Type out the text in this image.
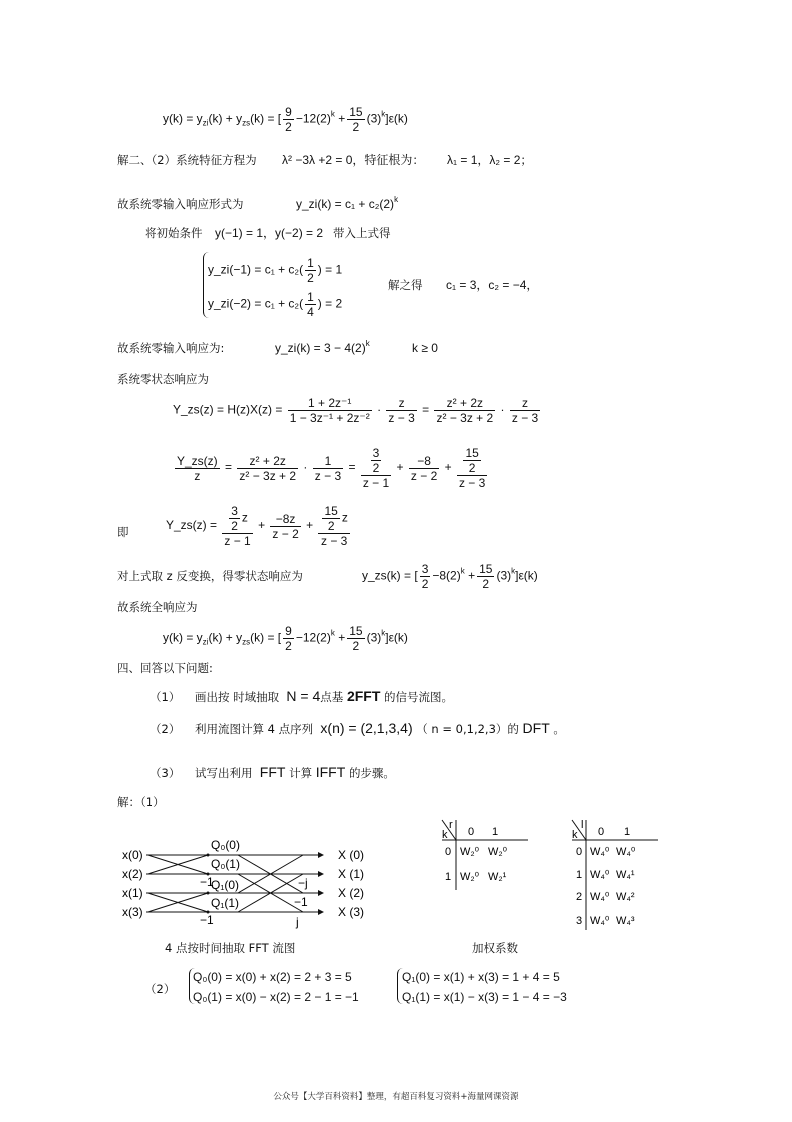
$y(k) = y_{zi}(k) + y_{zs}(k)$ = [ $\frac{9}{2} -12(2)^k + \frac{15}{2} (3)^k]\varepsilon(k)$
解二、（2）系统特征方程为 λ² −3λ +2 = 0，特征根为： λ₁ = 1，λ₂ = 2；
故系统零输入响应形式为	y_zi(k) = $c_1 + c_2(2)^k$
将初始条件 y(−1) = 1，y(−2) = 2 带入上式得
y_zi(−1) = $c_1 + c_2( \frac{1}{2}$ ) = 1
y_zi(−2) = $c_1 + c_2( \frac{1}{4}$ ) = 2
解之得 c₁ = 3，c₂ = −4，
故系统零输入响应为:	y_zi(k) = $3 - 4(2)^k$	k ≥ 0
系统零状态响应为
Y_zs(z) = $H(z)X(z) = \frac{\text{1 + 2z⁻¹}}{\text{1 − 3z⁻¹ + 2z⁻²}} \cdot \frac{z}{z - 3} = \frac{\text{z² + 2z}}{\text{z² − 3z + 2}} \cdot \frac{z}{z - 3}$
$\frac{Y\_zs(z)}{z} = \frac{\text{z² + 2z}}{\text{z² − 3z + 2}} \cdot \frac{1}{z - 3} = \frac{\frac{3}{2}}{z - 1} + \frac{-8}{z - 2} + \frac{\frac{15}{2}}{z - 3}$
即	Y_zs(z) = $\frac{\frac{3}{2} z}{z - 1} + \frac{-8z}{z - 2} + \frac{\frac{15}{2} z}{z - 3}$
对上式取 z 反变换，得零状态响应为	y_zs(k) = [ $\frac{3}{2} -8(2)^k + \frac{15}{2} (3)^k]\varepsilon(k)$
故系统全响应为
$y(k) = y_{zi}(k) + y_{zs}(k)$ = [ $\frac{9}{2} -12(2)^k + \frac{15}{2} (3)^k]\varepsilon(k)$
四、回答以下问题:
（1） 画出按 时域抽取 N = 4点基 2FFT 的信号流图。
（2） 利用流图计算 4 点序列 x(n) = (2,1,3,4) （ n = 0,1,2,3）的 DFT 。
（3） 试写出利用 FFT 计算 IFFT 的步骤。
解：（1）
x(0)
x(2)
x(1)
x(3)
X (0)
X (1)
X (2)
X (3)
Q₀(0)
Q₀(1)
Q₁(0)
Q₁(1)
−1
−1
−j
−1
j
4 点按时间抽取 FFT 流图
r
k 0 1
0 W₂⁰ W₂⁰
1 W₂⁰ W₂¹
l
k 0 1
0 W₄⁰ W₄⁰
1 W₄⁰ W₄¹
2 W₄⁰ W₄²
3 W₄⁰ W₄³
加权系数
（2）
Q₀(0) = x(0) + x(2) = 2 + 3 = 5
Q₀(1) = x(0) − x(2) = 2 − 1 = −1
Q₁(0) = x(1) + x(3) = 1 + 4 = 5
Q₁(1) = x(1) − x(3) = 1 − 4 = −3
公众号【大学百科资料】整理，有超百科复习资料+海量网课资源
